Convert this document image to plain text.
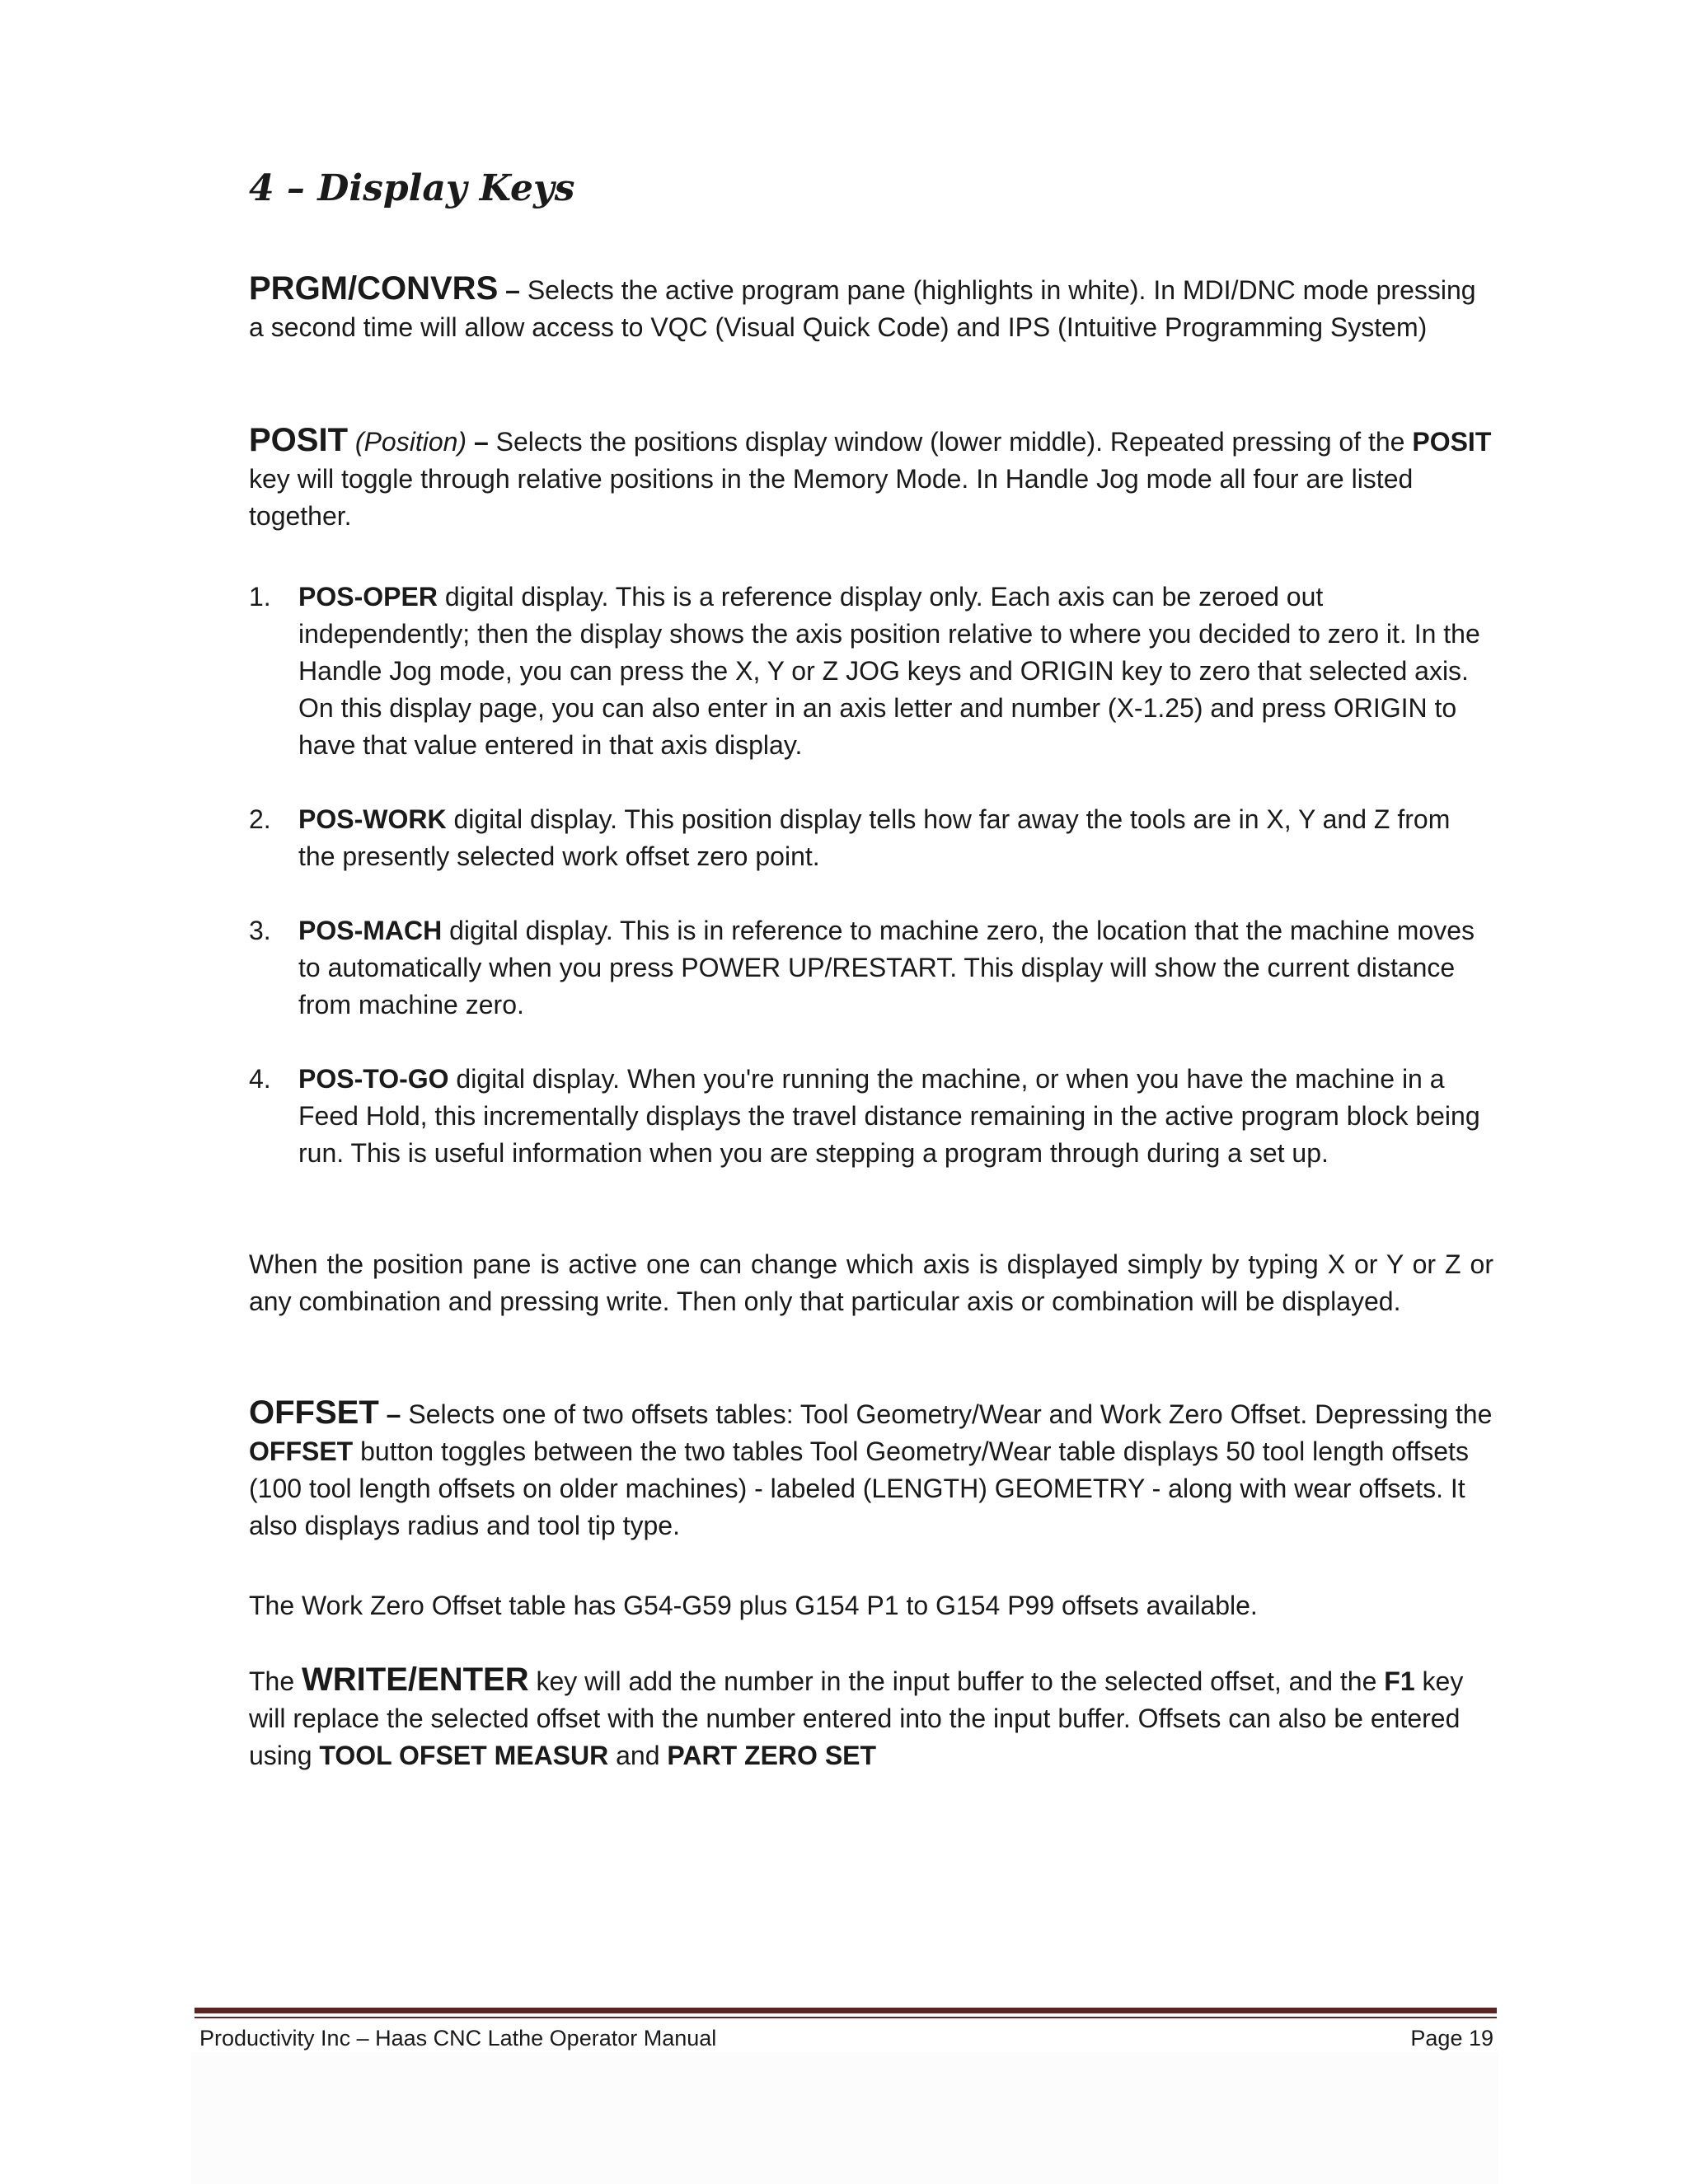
4 – Display Keys

PRGM/CONVRS – Selects the active program pane (highlights in white). In MDI/DNC mode pressing a second time will allow access to VQC (Visual Quick Code) and IPS (Intuitive Programming System)

POSIT (Position) – Selects the positions display window (lower middle). Repeated pressing of the POSIT key will toggle through relative positions in the Memory Mode. In Handle Jog mode all four are listed together.

1.	POS-OPER digital display. This is a reference display only. Each axis can be zeroed out independently; then the display shows the axis position relative to where you decided to zero it. In the Handle Jog mode, you can press the X, Y or Z JOG keys and ORIGIN key to zero that selected axis. On this display page, you can also enter in an axis letter and number (X-1.25) and press ORIGIN to have that value entered in that axis display.
2.	POS-WORK digital display. This position display tells how far away the tools are in X, Y and Z from the presently selected work offset zero point.
3.	POS-MACH digital display. This is in reference to machine zero, the location that the machine moves to automatically when you press POWER UP/RESTART. This display will show the current distance from machine zero.
4.	POS-TO-GO digital display. When you're running the machine, or when you have the machine in a Feed Hold, this incrementally displays the travel distance remaining in the active program block being run. This is useful information when you are stepping a program through during a set up.

When the position pane is active one can change which axis is displayed simply by typing X or Y or Z or any combination and pressing write. Then only that particular axis or combination will be displayed.

OFFSET – Selects one of two offsets tables: Tool Geometry/Wear and Work Zero Offset. Depressing the OFFSET button toggles between the two tables Tool Geometry/Wear table displays 50 tool length offsets (100 tool length offsets on older machines) - labeled (LENGTH) GEOMETRY - along with wear offsets. It also displays radius and tool tip type.

The Work Zero Offset table has G54-G59 plus G154 P1 to G154 P99 offsets available.

The WRITE/ENTER key will add the number in the input buffer to the selected offset, and the F1 key will replace the selected offset with the number entered into the input buffer. Offsets can also be entered using TOOL OFSET MEASUR and PART ZERO SET

Productivity Inc – Haas CNC Lathe Operator Manual	Page 19
